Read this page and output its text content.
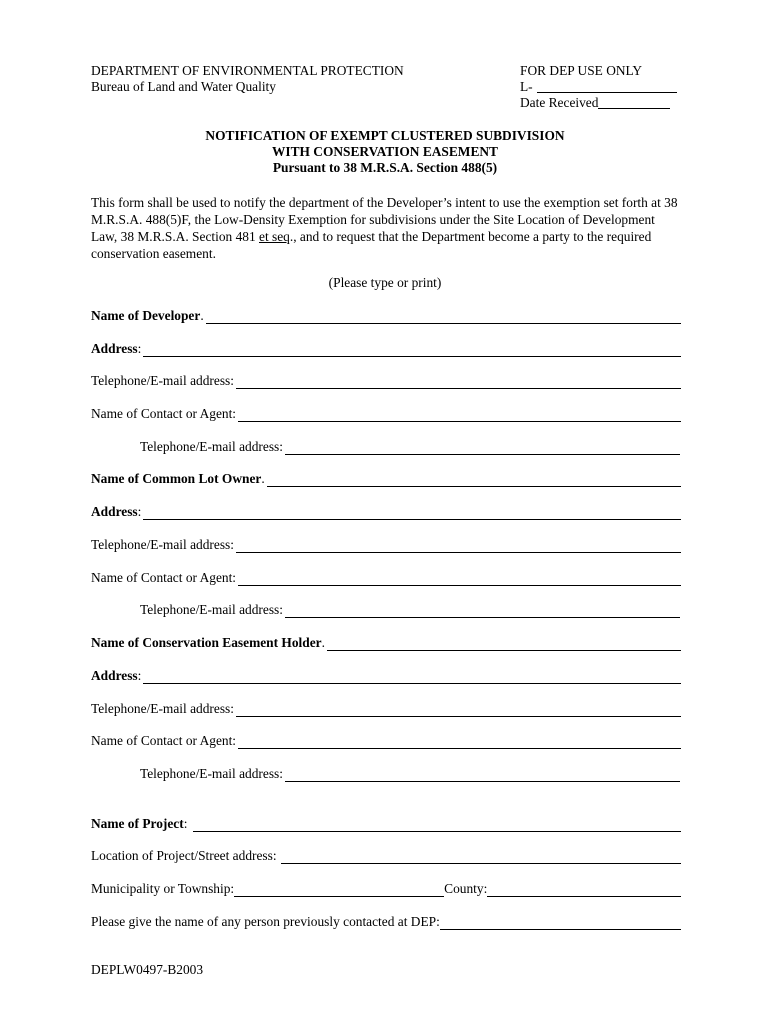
DEPARTMENT OF ENVIRONMENTAL PROTECTION
Bureau of Land and Water Quality
FOR DEP USE ONLY
L-
Date Received
NOTIFICATION OF EXEMPT CLUSTERED SUBDIVISION
WITH CONSERVATION EASEMENT
Pursuant to 38 M.R.S.A. Section 488(5)
This form shall be used to notify the department of the Developer’s intent to use the exemption set forth at 38 M.R.S.A. 488(5)F, the Low-Density Exemption for subdivisions under the Site Location of Development Law, 38 M.R.S.A. Section 481 et seq., and to request that the Department become a party to the required conservation easement.
(Please type or print)
Name of Developer.
Address:
Telephone/E-mail address:
Name of Contact or Agent:
Telephone/E-mail address:
Name of Common Lot Owner.
Address:
Telephone/E-mail address:
Name of Contact or Agent:
Telephone/E-mail address:
Name of Conservation Easement Holder.
Address:
Telephone/E-mail address:
Name of Contact or Agent:
Telephone/E-mail address:
Name of Project:
Location of Project/Street address:
Municipality or Township:	County:
Please give the name of any person previously contacted at DEP:
DEPLW0497-B2003
